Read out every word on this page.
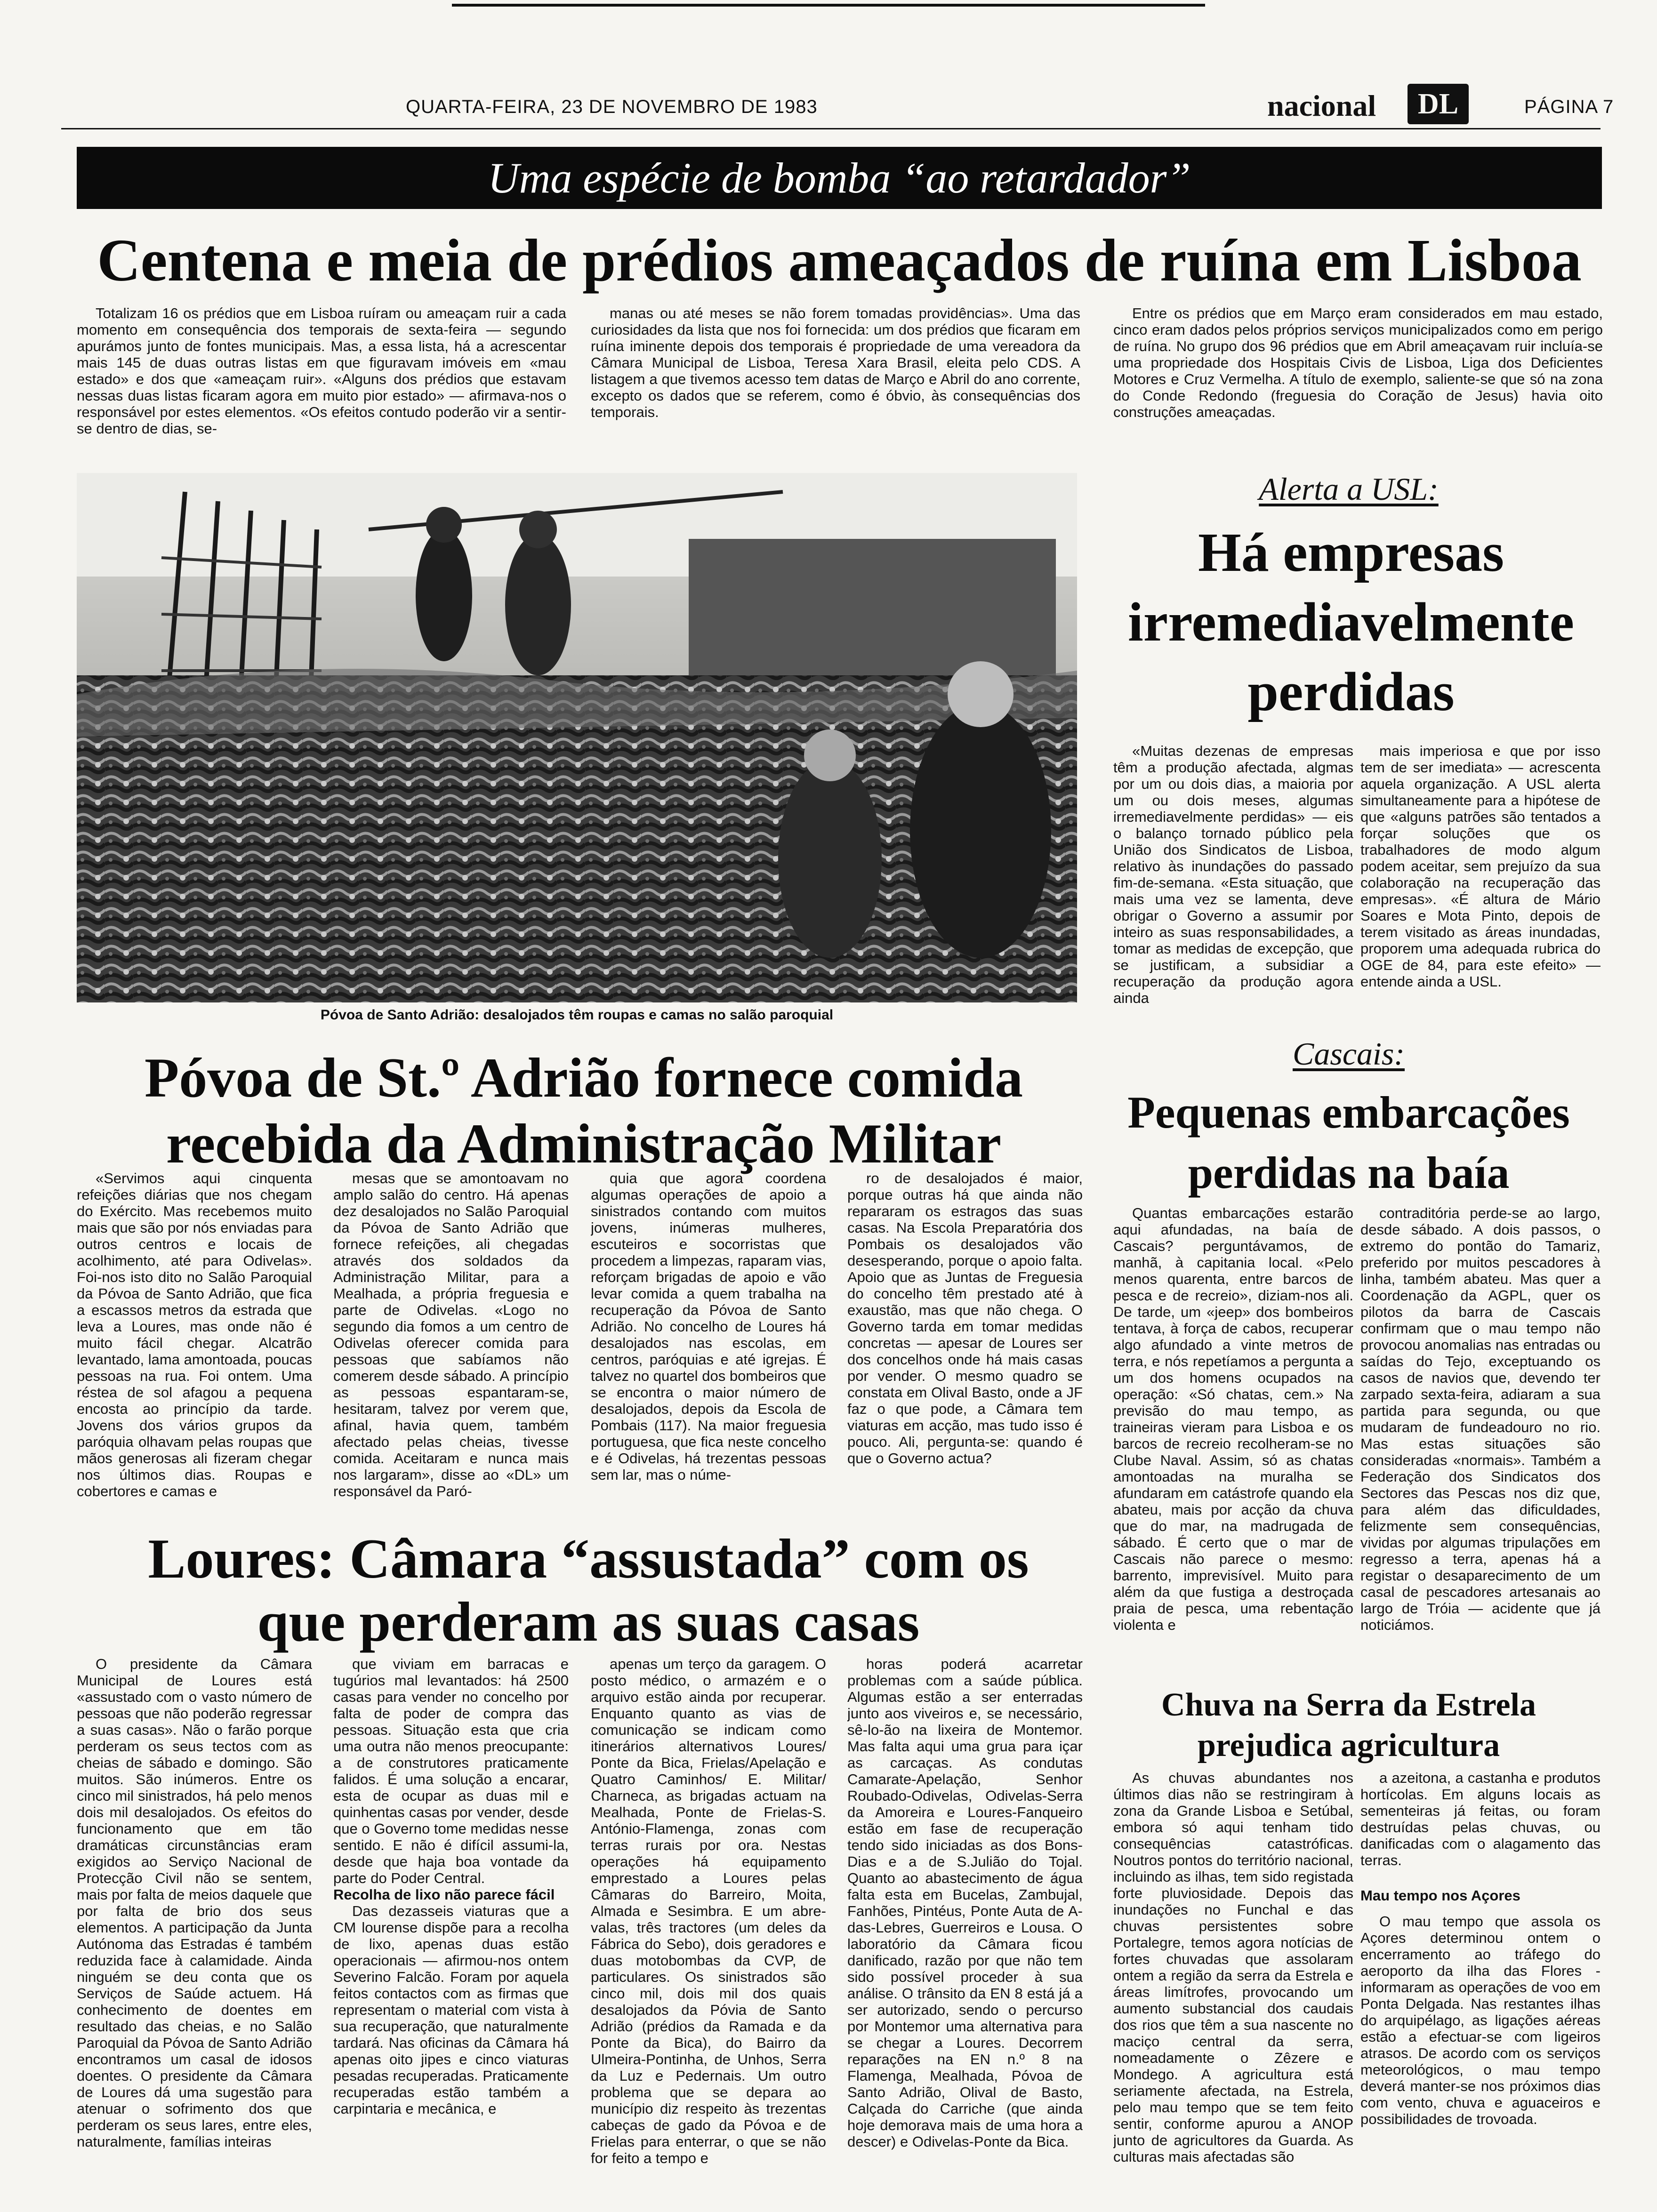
QUARTA-FEIRA, 23 DE NOVEMBRO DE 1983	nacional	DL	PÁGINA 7
Uma espécie de bomba “ao retardador”
Centena e meia de prédios ameaçados de ruína em Lisboa

Totalizam 16 os prédios que em Lisboa ruíram ou ameaçam ruir a cada momento em consequência dos temporais de sexta-feira — segundo apurámos junto de fontes municipais. Mas, a essa lista, há a acrescentar mais 145 de duas outras listas em que figuravam imóveis em «mau estado» e dos que «ameaçam ruir». «Alguns dos prédios que estavam nessas duas listas ficaram agora em muito pior estado» — afirmava-nos o responsável por estes elementos. «Os efeitos contudo poderão vir a sentir-se dentro de dias, se-

manas ou até meses se não forem tomadas providências». Uma das curiosidades da lista que nos foi fornecida: um dos prédios que ficaram em ruína iminente depois dos temporais é propriedade de uma vereadora da Câmara Municipal de Lisboa, Teresa Xara Brasil, eleita pelo CDS. A listagem a que tivemos acesso tem datas de Março e Abril do ano corrente, excepto os dados que se referem, como é óbvio, às consequências dos temporais.

Entre os prédios que em Março eram considerados em mau estado, cinco eram dados pelos próprios serviços municipalizados como em perigo de ruína. No grupo dos 96 prédios que em Abril ameaçavam ruir incluía-se uma propriedade dos Hospitais Civis de Lisboa, Liga dos Deficientes Motores e Cruz Vermelha. A título de exemplo, saliente-se que só na zona do Conde Redondo (freguesia do Coração de Jesus) havia oito construções ameaçadas.

Póvoa de Santo Adrião: desalojados têm roupas e camas no salão paroquial
Alerta a USL:
Há empresas irremediavelmente perdidas

«Muitas dezenas de empresas têm a produção afectada, algmas por um ou dois dias, a maioria por um ou dois meses, algumas irremediavelmente perdidas» — eis o balanço tornado público pela União dos Sindicatos de Lisboa, relativo às inundações do passado fim-de-semana. «Esta situação, que mais uma vez se lamenta, deve obrigar o Governo a assumir por inteiro as suas responsabilidades, a tomar as medidas de excepção, que se justificam, a subsidiar a recuperação da produção agora ainda

mais imperiosa e que por isso tem de ser imediata» — acrescenta aquela organização. A USL alerta simultaneamente para a hipótese de que «alguns patrões são tentados a forçar soluções que os trabalhadores de modo algum podem aceitar, sem prejuízo da sua colaboração na recuperação das empresas». «É altura de Mário Soares e Mota Pinto, depois de terem visitado as áreas inundadas, proporem uma adequada rubrica do OGE de 84, para este efeito» — entende ainda a USL.

Póvoa de St.º Adrião fornece comida recebida da Administração Militar

«Servimos aqui cinquenta refeições diárias que nos chegam do Exército. Mas recebemos muito mais que são por nós enviadas para outros centros e locais de acolhimento, até para Odivelas». Foi-nos isto dito no Salão Paroquial da Póvoa de Santo Adrião, que fica a escassos metros da estrada que leva a Loures, mas onde não é muito fácil chegar. Alcatrão levantado, lama amontoada, poucas pessoas na rua. Foi ontem. Uma réstea de sol afagou a pequena encosta ao princípio da tarde. Jovens dos vários grupos da paróquia olhavam pelas roupas que mãos generosas ali fizeram chegar nos últimos dias. Roupas e cobertores e camas e

mesas que se amontoavam no amplo salão do centro. Há apenas dez desalojados no Salão Paroquial da Póvoa de Santo Adrião que fornece refeições, ali chegadas através dos soldados da Administração Militar, para a Mealhada, a própria freguesia e parte de Odivelas. «Logo no segundo dia fomos a um centro de Odivelas oferecer comida para pessoas que sabíamos não comerem desde sábado. A princípio as pessoas espantaram-se, hesitaram, talvez por verem que, afinal, havia quem, também afectado pelas cheias, tivesse comida. Aceitaram e nunca mais nos largaram», disse ao «DL» um responsável da Paró-

quia que agora coordena algumas operações de apoio a sinistrados contando com muitos jovens, inúmeras mulheres, escuteiros e socorristas que procedem a limpezas, raparam vias, reforçam brigadas de apoio e vão levar comida a quem trabalha na recuperação da Póvoa de Santo Adrião. No concelho de Loures há desalojados nas escolas, em centros, paróquias e até igrejas. É talvez no quartel dos bombeiros que se encontra o maior número de desalojados, depois da Escola de Pombais (117). Na maior freguesia portuguesa, que fica neste concelho e é Odivelas, há trezentas pessoas sem lar, mas o núme-

ro de desalojados é maior, porque outras há que ainda não repararam os estragos das suas casas. Na Escola Preparatória dos Pombais os desalojados vão desesperando, porque o apoio falta. Apoio que as Juntas de Freguesia do concelho têm prestado até à exaustão, mas que não chega. O Governo tarda em tomar medidas concretas — apesar de Loures ser dos concelhos onde há mais casas por vender. O mesmo quadro se constata em Olival Basto, onde a JF faz o que pode, a Câmara tem viaturas em acção, mas tudo isso é pouco. Ali, pergunta-se: quando é que o Governo actua?

Cascais:
Pequenas embarcações perdidas na baía

Quantas embarcações estarão aqui afundadas, na baía de Cascais? perguntávamos, de manhã, à capitania local. «Pelo menos quarenta, entre barcos de pesca e de recreio», diziam-nos ali. De tarde, um «jeep» dos bombeiros tentava, à força de cabos, recuperar algo afundado a vinte metros de terra, e nós repetíamos a pergunta a um dos homens ocupados na operação: «Só chatas, cem.» Na previsão do mau tempo, as traineiras vieram para Lisboa e os barcos de recreio recolheram-se no Clube Naval. Assim, só as chatas amontoadas na muralha se afundaram em catástrofe quando ela abateu, mais por acção da chuva que do mar, na madrugada de sábado. É certo que o mar de Cascais não parece o mesmo: barrento, imprevisível. Muito para além da que fustiga a destroçada praia de pesca, uma rebentação violenta e

contraditória perde-se ao largo, desde sábado. A dois passos, o extremo do pontão do Tamariz, preferido por muitos pescadores à linha, também abateu. Mas quer a Coordenação da AGPL, quer os pilotos da barra de Cascais confirmam que o mau tempo não provocou anomalias nas entradas ou saídas do Tejo, exceptuando os casos de navios que, devendo ter zarpado sexta-feira, adiaram a sua partida para segunda, ou que mudaram de fundeadouro no rio. Mas estas situações são consideradas «normais». Também a Federação dos Sindicatos dos Sectores das Pescas nos diz que, para além das dificuldades, felizmente sem consequências, vividas por algumas tripulações em regresso a terra, apenas há a registar o desaparecimento de um casal de pescadores artesanais ao largo de Tróia — acidente que já noticiámos.

Loures: Câmara “assustada” com os que perderam as suas casas

O presidente da Câmara Municipal de Loures está «assustado com o vasto número de pessoas que não poderão regressar a suas casas». Não o farão porque perderam os seus tectos com as cheias de sábado e domingo. São muitos. São inúmeros. Entre os cinco mil sinistrados, há pelo menos dois mil desalojados. Os efeitos do funcionamento que em tão dramáticas circunstâncias eram exigidos ao Serviço Nacional de Protecção Civil não se sentem, mais por falta de meios daquele que por falta de brio dos seus elementos. A participação da Junta Autónoma das Estradas é também reduzida face à calamidade. Ainda ninguém se deu conta que os Serviços de Saúde actuem. Há conhecimento de doentes em resultado das cheias, e no Salão Paroquial da Póvoa de Santo Adrião encontramos um casal de idosos doentes. O presidente da Câmara de Loures dá uma sugestão para atenuar o sofrimento dos que perderam os seus lares, entre eles, naturalmente, famílias inteiras

que viviam em barracas e tugúrios mal levantados: há 2500 casas para vender no concelho por falta de poder de compra das pessoas. Situação esta que cria uma outra não menos preocupante: a de construtores praticamente falidos. É uma solução a encarar, esta de ocupar as duas mil e quinhentas casas por vender, desde que o Governo tome medidas nesse sentido. E não é difícil assumi-la, desde que haja boa vontade da parte do Poder Central.

Recolha de lixo não parece fácil

Das dezasseis viaturas que a CM lourense dispõe para a recolha de lixo, apenas duas estão operacionais — afirmou-nos ontem Severino Falcão. Foram por aquela feitos contactos com as firmas que representam o material com vista à sua recuperação, que naturalmente tardará. Nas oficinas da Câmara há apenas oito jipes e cinco viaturas pesadas recuperadas. Praticamente recuperadas estão também a carpintaria e mecânica, e

apenas um terço da garagem. O posto médico, o armazém e o arquivo estão ainda por recuperar. Enquanto quanto as vias de comunicação se indicam como itinerários alternativos Loures/ Ponte da Bica, Frielas/Apelação e Quatro Caminhos/ E. Militar/ Charneca, as brigadas actuam na Mealhada, Ponte de Frielas-S. António-Flamenga, zonas com terras rurais por ora. Nestas operações há equipamento emprestado a Loures pelas Câmaras do Barreiro, Moita, Almada e Sesimbra. E um abre-valas, três tractores (um deles da Fábrica do Sebo), dois geradores e duas motobombas da CVP, de particulares. Os sinistrados são cinco mil, dois mil dos quais desalojados da Póvia de Santo Adrião (prédios da Ramada e da Ponte da Bica), do Bairro da Ulmeira-Pontinha, de Unhos, Serra da Luz e Pedernais. Um outro problema que se depara ao município diz respeito às trezentas cabeças de gado da Póvoa e de Frielas para enterrar, o que se não for feito a tempo e

horas poderá acarretar problemas com a saúde pública. Algumas estão a ser enterradas junto aos viveiros e, se necessário, sê-lo-ão na lixeira de Montemor. Mas falta aqui uma grua para içar as carcaças. As condutas Camarate-Apelação, Senhor Roubado-Odivelas, Odivelas-Serra da Amoreira e Loures-Fanqueiro estão em fase de recuperação tendo sido iniciadas as dos Bons-Dias e a de S.Julião do Tojal. Quanto ao abastecimento de água falta esta em Bucelas, Zambujal, Fanhões, Pintéus, Ponte Auta de A-das-Lebres, Guerreiros e Lousa. O laboratório da Câmara ficou danificado, razão por que não tem sido possível proceder à sua análise. O trânsito da EN 8 está já a ser autorizado, sendo o percurso por Montemor uma alternativa para se chegar a Loures. Decorrem reparações na EN n.º 8 na Flamenga, Mealhada, Póvoa de Santo Adrião, Olival de Basto, Calçada do Carriche (que ainda hoje demorava mais de uma hora a descer) e Odivelas-Ponte da Bica.

Chuva na Serra da Estrela prejudica agricultura

As chuvas abundantes nos últimos dias não se restringiram à zona da Grande Lisboa e Setúbal, embora só aqui tenham tido consequências catastróficas. Noutros pontos do território nacional, incluindo as ilhas, tem sido registada forte pluviosidade. Depois das inundações no Funchal e das chuvas persistentes sobre Portalegre, temos agora notícias de fortes chuvadas que assolaram ontem a região da serra da Estrela e áreas limítrofes, provocando um aumento substancial dos caudais dos rios que têm a sua nascente no maciço central da serra, nomeadamente o Zêzere e Mondego. A agricultura está seriamente afectada, na Estrela, pelo mau tempo que se tem feito sentir, conforme apurou a ANOP junto de agricultores da Guarda. As culturas mais afectadas são

a azeitona, a castanha e produtos hortícolas. Em alguns locais as sementeiras já feitas, ou foram destruídas pelas chuvas, ou danificadas com o alagamento das terras.

Mau tempo nos Açores

O mau tempo que assola os Açores determinou ontem o encerramento ao tráfego do aeroporto da ilha das Flores - informaram as operações de voo em Ponta Delgada. Nas restantes ilhas do arquipélago, as ligações aéreas estão a efectuar-se com ligeiros atrasos. De acordo com os serviços meteorológicos, o mau tempo deverá manter-se nos próximos dias com vento, chuva e aguaceiros e possibilidades de trovoada.
